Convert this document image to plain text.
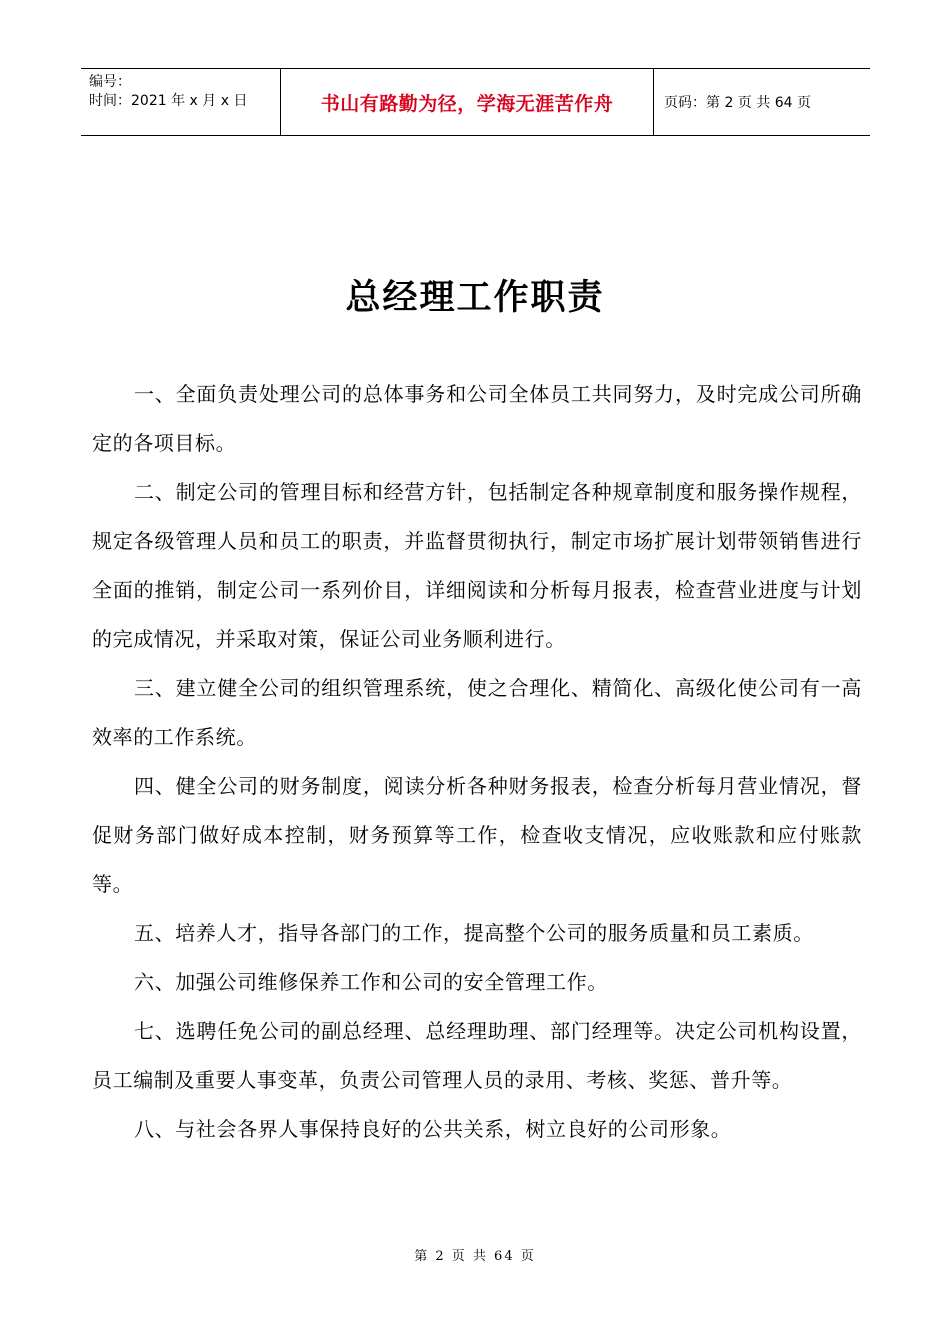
编号：
时间：2021 年 x 月 x 日	书山有路勤为径，学海无涯苦作舟	页码：第 2 页 共 64 页
总经理工作职责

一、全面负责处理公司的总体事务和公司全体员工共同努力，及时完成公司所确定的各项目标。

二、制定公司的管理目标和经营方针，包括制定各种规章制度和服务操作规程，规定各级管理人员和员工的职责，并监督贯彻执行，制定市场扩展计划带领销售进行全面的推销，制定公司一系列价目，详细阅读和分析每月报表，检查营业进度与计划的完成情况，并采取对策，保证公司业务顺利进行。

三、建立健全公司的组织管理系统，使之合理化、精简化、高级化使公司有一高效率的工作系统。

四、健全公司的财务制度，阅读分析各种财务报表，检查分析每月营业情况，督促财务部门做好成本控制，财务预算等工作，检查收支情况，应收账款和应付账款等。

五、培养人才，指导各部门的工作，提高整个公司的服务质量和员工素质。

六、加强公司维修保养工作和公司的安全管理工作。

七、选聘任免公司的副总经理、总经理助理、部门经理等。决定公司机构设置，员工编制及重要人事变革，负责公司管理人员的录用、考核、奖惩、普升等。

八、与社会各界人事保持良好的公共关系，树立良好的公司形象。

第 2 页 共 64 页
